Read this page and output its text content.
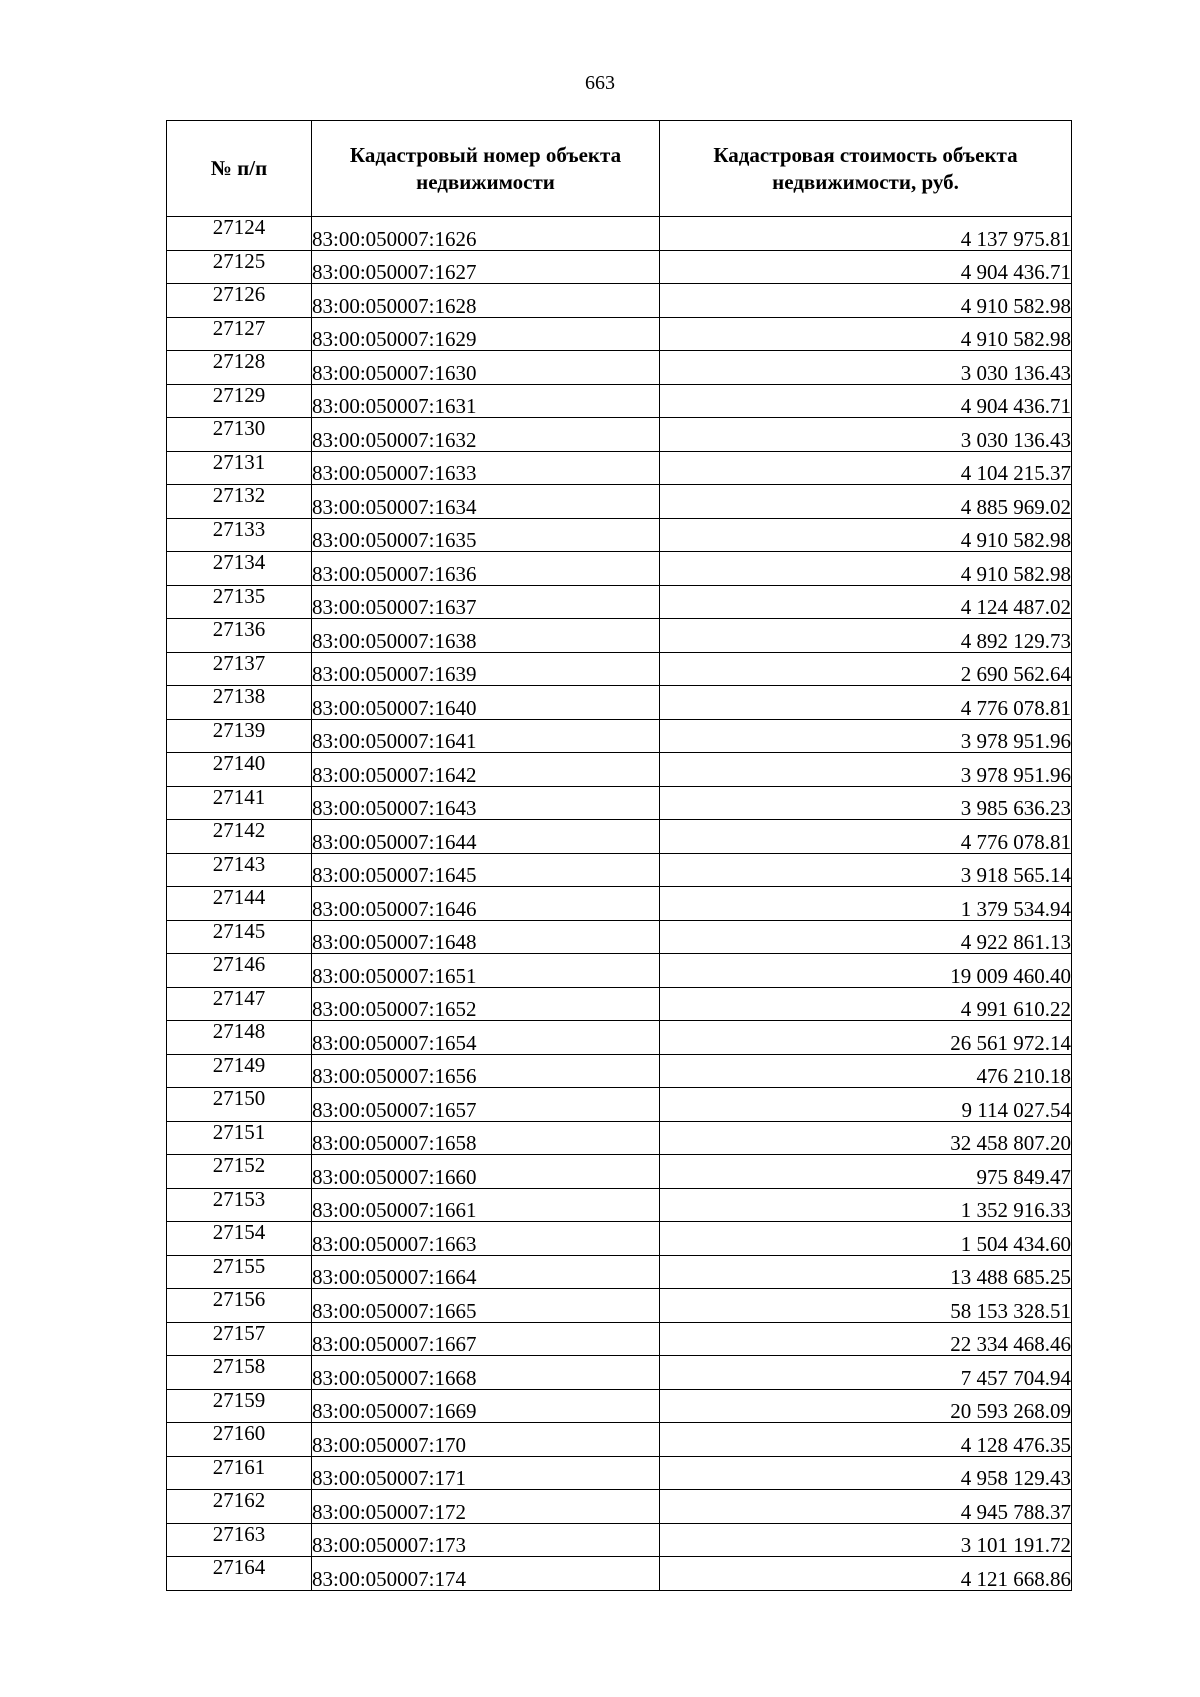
663
№ п/п	Кадастровый номер объекта недвижимости	Кадастровая стоимость объекта недвижимости, руб.
27124	83:00:050007:1626	4 137 975.81
27125	83:00:050007:1627	4 904 436.71
27126	83:00:050007:1628	4 910 582.98
27127	83:00:050007:1629	4 910 582.98
27128	83:00:050007:1630	3 030 136.43
27129	83:00:050007:1631	4 904 436.71
27130	83:00:050007:1632	3 030 136.43
27131	83:00:050007:1633	4 104 215.37
27132	83:00:050007:1634	4 885 969.02
27133	83:00:050007:1635	4 910 582.98
27134	83:00:050007:1636	4 910 582.98
27135	83:00:050007:1637	4 124 487.02
27136	83:00:050007:1638	4 892 129.73
27137	83:00:050007:1639	2 690 562.64
27138	83:00:050007:1640	4 776 078.81
27139	83:00:050007:1641	3 978 951.96
27140	83:00:050007:1642	3 978 951.96
27141	83:00:050007:1643	3 985 636.23
27142	83:00:050007:1644	4 776 078.81
27143	83:00:050007:1645	3 918 565.14
27144	83:00:050007:1646	1 379 534.94
27145	83:00:050007:1648	4 922 861.13
27146	83:00:050007:1651	19 009 460.40
27147	83:00:050007:1652	4 991 610.22
27148	83:00:050007:1654	26 561 972.14
27149	83:00:050007:1656	476 210.18
27150	83:00:050007:1657	9 114 027.54
27151	83:00:050007:1658	32 458 807.20
27152	83:00:050007:1660	975 849.47
27153	83:00:050007:1661	1 352 916.33
27154	83:00:050007:1663	1 504 434.60
27155	83:00:050007:1664	13 488 685.25
27156	83:00:050007:1665	58 153 328.51
27157	83:00:050007:1667	22 334 468.46
27158	83:00:050007:1668	7 457 704.94
27159	83:00:050007:1669	20 593 268.09
27160	83:00:050007:170	4 128 476.35
27161	83:00:050007:171	4 958 129.43
27162	83:00:050007:172	4 945 788.37
27163	83:00:050007:173	3 101 191.72
27164	83:00:050007:174	4 121 668.86
